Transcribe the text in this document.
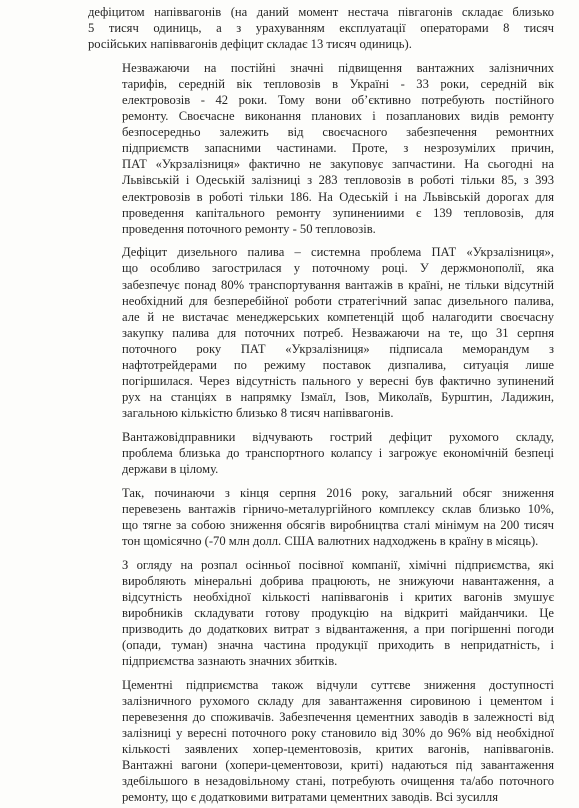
дефіцитом напіввагонів (на даний момент нестача півгагонів складає близько
5 тисяч одиниць, а з урахуванням експлуатації операторами 8 тисяч
російських напіввагонів дефіцит складає 13 тисяч одиниць).

Незважаючи на постійні значні підвищення вантажних залізничних
тарифів, середній вік тепловозів в Україні - 33 роки, середній вік
електровозів - 42 роки. Тому вони об’єктивно потребують постійного
ремонту. Своєчасне виконання планових і позапланових видів ремонту
безпосередньо залежить від своєчасного забезпечення ремонтних
підприємств запасними частинами. Проте, з незрозумілих причин,
ПАТ «Укрзалізниця» фактично не закуповує запчастини. На сьогодні на
Львівській і Одеській залізниці з 283 тепловозів в роботі тільки 85, з 393
електровозів в роботі тільки 186. На Одеській і на Львівській дорогах для
проведення капітального ремонту зупинениими є 139 тепловозів, для
проведення поточного ремонту - 50 тепловозів.

Дефіцит дизельного палива – системна проблема ПАТ «Укрзалізниця»,
що особливо загострилася у поточному році. У держмонополії, яка
забезпечує понад 80% транспортування вантажів в країні, не тільки відсутній
необхідний для безперебійної роботи стратегічний запас дизельного палива,
але й не вистачає менеджерських компетенцій щоб налагодити своєчасну
закупку палива для поточних потреб. Незважаючи на те, що 31 серпня
поточного року ПАТ «Укрзалізниця» підписала меморандум з
нафтотрейдерами по режиму поставок дизпалива, ситуація лише
погіршилася. Через відсутність пального у вересні був фактично зупинений
рух на станціях в напрямку Ізмаїл, Ізов, Миколаїв, Бурштин, Ладижин,
загальною кількістю близько 8 тисяч напіввагонів.

Вантажовідправники відчувають гострий дефіцит рухомого складу,
проблема близька до транспортного колапсу і загрожує економічній безпеці
держави в цілому.

Так, починаючи з кінця серпня 2016 року, загальний обсяг зниження
перевезень вантажів гірничо-металургійного комплексу склав близько 10%,
що тягне за собою зниження обсягів виробництва сталі мінімум на 200 тисяч
тон щомісячно (-70 млн долл. США валютних надходжень в країну в місяць).

З огляду на розпал осінньої посівної компанії, хімічні підприємства, які
виробляють мінеральні добрива працюють, не знижуючи навантаження, а
відсутність необхідної кількості напіввагонів і критих вагонів змушує
виробників складувати готову продукцію на відкриті майданчики. Це
призводить до додаткових витрат з відвантаження, а при погіршенні погоди
(опади, туман) значна частина продукції приходить в непридатність, і
підприємства зазнають значних збитків.

Цементні підприємства також відчули суттєве зниження доступності
залізничного рухомого складу для завантаження сировиною і цементом і
перевезення до споживачів. Забезпечення цементних заводів в залежності від
залізниці у вересні поточного року становило від 30% до 96% від необхідної
кількості заявлених хопер-цементовозів, критих вагонів, напіввагонів.
Вантажні вагони (хопери-цементовози, криті) надаються під завантаження
здебільшого в незадовільному стані, потребують очищення та/або поточного
ремонту, що є додатковими витратами цементних заводів. Всі зусилля
